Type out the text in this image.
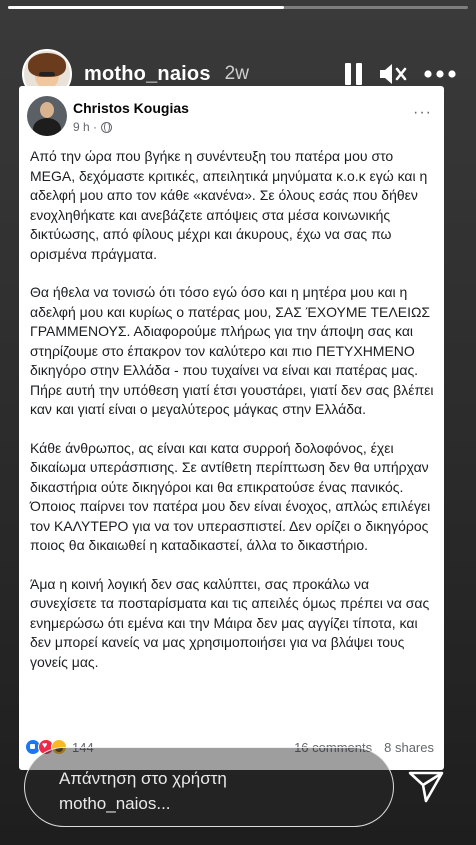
motho_naios 2w
Christos Kougias
9 h ·
···

Από την ώρα που βγήκε η συνέντευξη του πατέρα μου στο MEGA, δεχόμαστε κριτικές, απειλητικά μηνύματα κ.ο.κ εγώ και η αδελφή μου απο τον κάθε «κανένα». Σε όλους εσάς που δήθεν ενοχληθήκατε και ανεβάζετε απόψεις στα μέσα κοινωνικής δικτύωσης, από φίλους μέχρι και άκυρους, έχω να σας πω ορισμένα πράγματα.

Θα ήθελα να τονισώ ότι τόσο εγώ όσο και η μητέρα μου και η αδελφή μου και κυρίως ο πατέρας μου, ΣΑΣ ΈΧΟΥΜΕ ΤΕΛΕΙΩΣ ΓΡΑΜΜΕΝΟΥΣ. Αδιαφορούμε πλήρως για την άποψη σας και στηρίζουμε στο έπακρον τον καλύτερο και πιο ΠΕΤΥΧΗΜΕΝΟ δικηγόρο στην Ελλάδα - που τυχαίνει να είναι και πατέρας μας. Πήρε αυτή την υπόθεση γιατί έτσι γουστάρει, γιατί δεν σας βλέπει καν και γιατί είναι ο μεγαλύτερος μάγκας στην Ελλάδα.

Κάθε άνθρωπος, ας είναι και κατα συρροή δολοφόνος, έχει δικαίωμα υπεράσπισης. Σε αντίθετη περίπτωση δεν θα υπήρχαν δικαστήρια ούτε δικηγόροι και θα επικρατούσε ένας πανικός. Όποιος παίρνει τον πατέρα μου δεν είναι ένοχος, απλώς επιλέγει τον ΚΑΛΥΤΕΡΟ για να τον υπερασπιστεί. Δεν ορίζει ο δικηγόρος ποιος θα δικαιωθεί η καταδικαστεί, άλλα το δικαστήριο.

Άμα η κοινή λογική δεν σας καλύπτει, σας προκάλω να συνεχίσετε τα ποσταρίσματα και τις απειλές όμως πρέπει να σας ενημερώσω ότι εμένα και την Μάιρα δεν μας αγγίζει τίποτα, και δεν μπορεί κανείς να μας χρησιμοποιήσει για να βλάψει τους γονείς μας.

♥
144	16 comments 8 shares
Απάντηση στο χρήστη
motho_naios...
